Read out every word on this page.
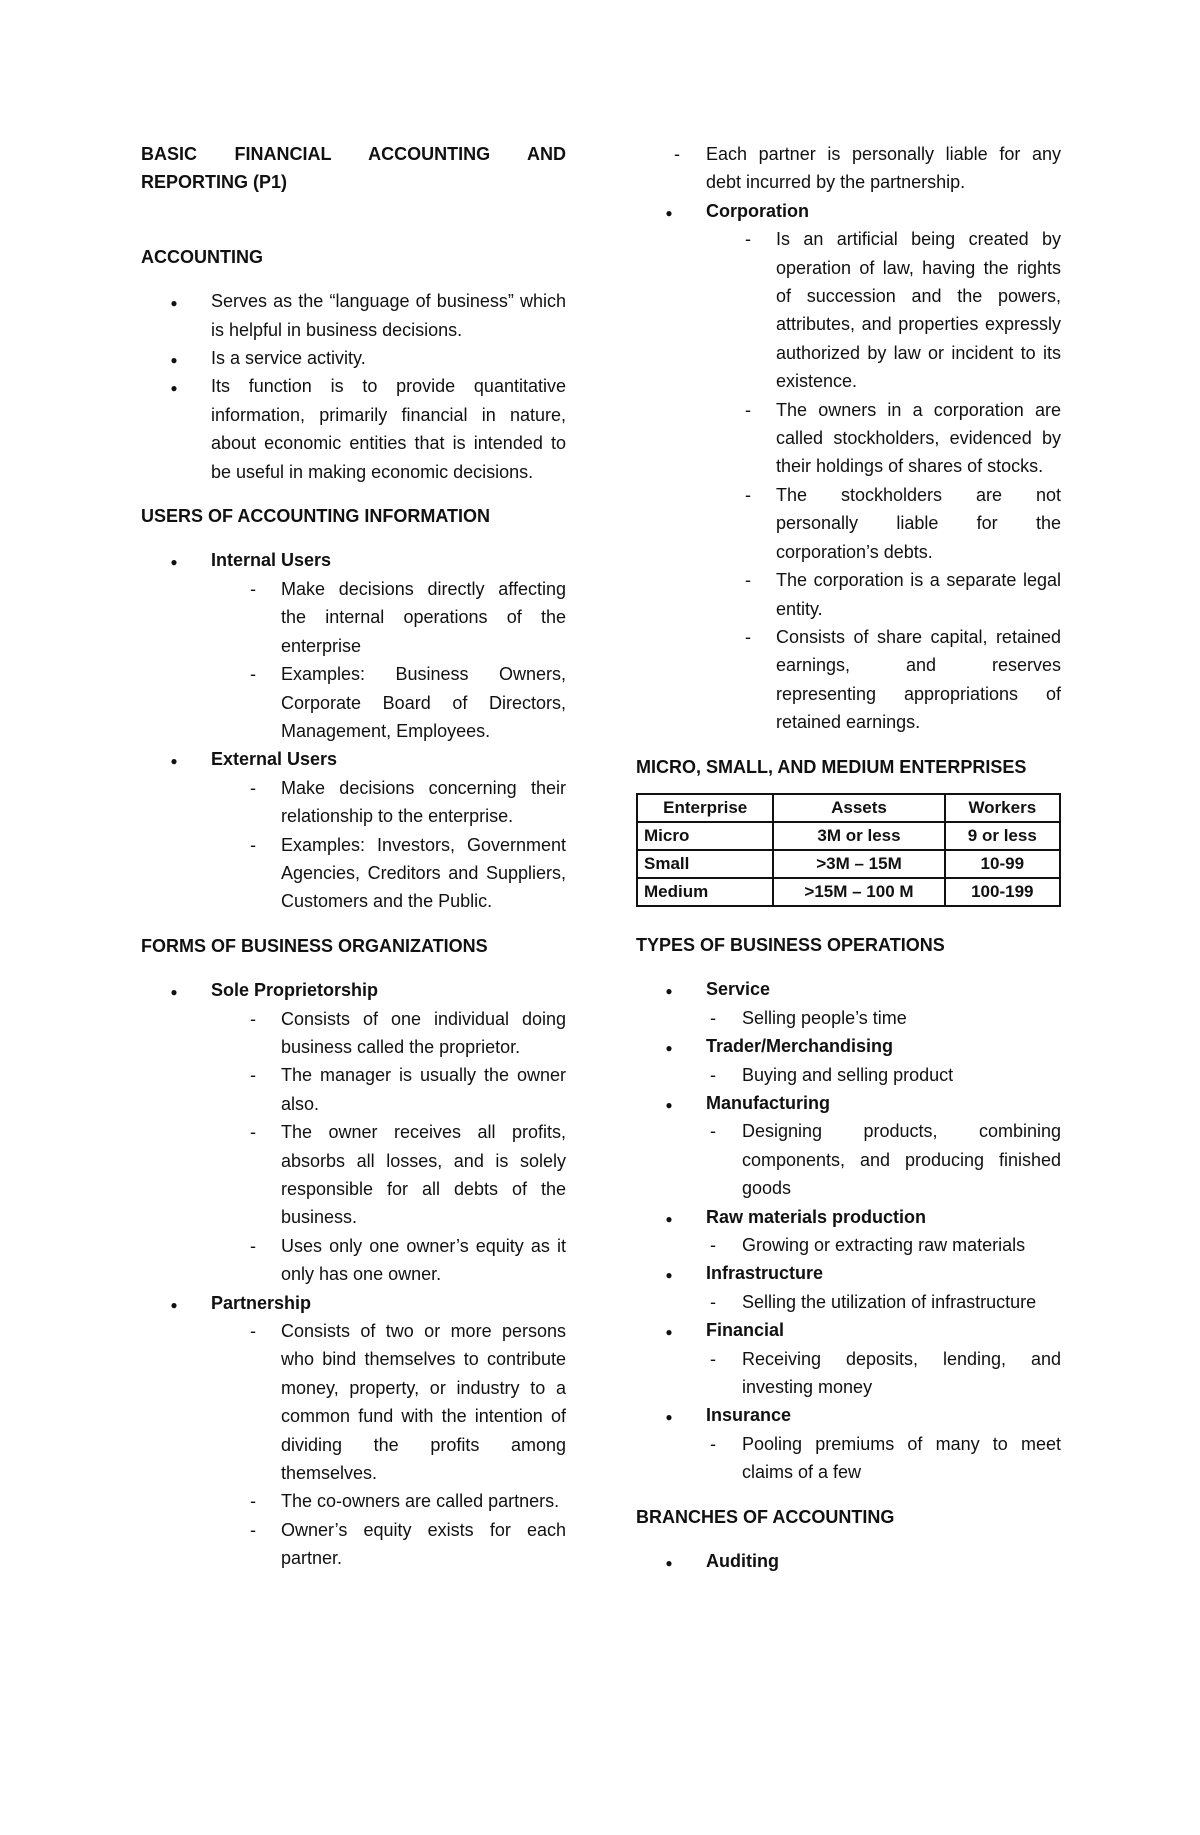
BASIC FINANCIAL ACCOUNTING AND REPORTING (P1)

ACCOUNTING

●
Serves as the “language of business” which is helpful in business decisions.
●
Is a service activity.
●
Its function is to provide quantitative information, primarily financial in nature, about economic entities that is intended to be useful in making economic decisions.

USERS OF ACCOUNTING INFORMATION

●
Internal Users
- Make decisions directly affecting the internal operations of the enterprise
- Examples: Business Owners, Corporate Board of Directors, Management, Employees.
●
External Users
- Make decisions concerning their relationship to the enterprise.
- Examples: Investors, Government Agencies, Creditors and Suppliers, Customers and the Public.

FORMS OF BUSINESS ORGANIZATIONS

●
Sole Proprietorship
- Consists of one individual doing business called the proprietor.
- The manager is usually the owner also.
- The owner receives all profits, absorbs all losses, and is solely responsible for all debts of the business.
- Uses only one owner’s equity as it only has one owner.
●
Partnership
- Consists of two or more persons who bind themselves to contribute money, property, or industry to a common fund with the intention of dividing the profits among themselves.
- The co-owners are called partners.
- Owner’s equity exists for each partner.
- Each partner is personally liable for any debt incurred by the partnership.
●
Corporation
- Is an artificial being created by operation of law, having the rights of succession and the powers, attributes, and properties expressly authorized by law or incident to its existence.
- The owners in a corporation are called stockholders, evidenced by their holdings of shares of stocks.
- The stockholders are not personally liable for the corporation’s debts.
- The corporation is a separate legal entity.
- Consists of share capital, retained earnings, and reserves representing appropriations of retained earnings.

MICRO, SMALL, AND MEDIUM ENTERPRISES

Enterprise	Assets	Workers
Micro	3M or less	9 or less
Small	>3M – 15M	10-99
Medium	>15M – 100 M	100-199

TYPES OF BUSINESS OPERATIONS

●
Service
- Selling people’s time
●
Trader/Merchandising
- Buying and selling product
●
Manufacturing
- Designing products, combining components, and producing finished goods
●
Raw materials production
- Growing or extracting raw materials
●
Infrastructure
- Selling the utilization of infrastructure
●
Financial
- Receiving deposits, lending, and investing money
●
Insurance
- Pooling premiums of many to meet claims of a few

BRANCHES OF ACCOUNTING

●
Auditing
